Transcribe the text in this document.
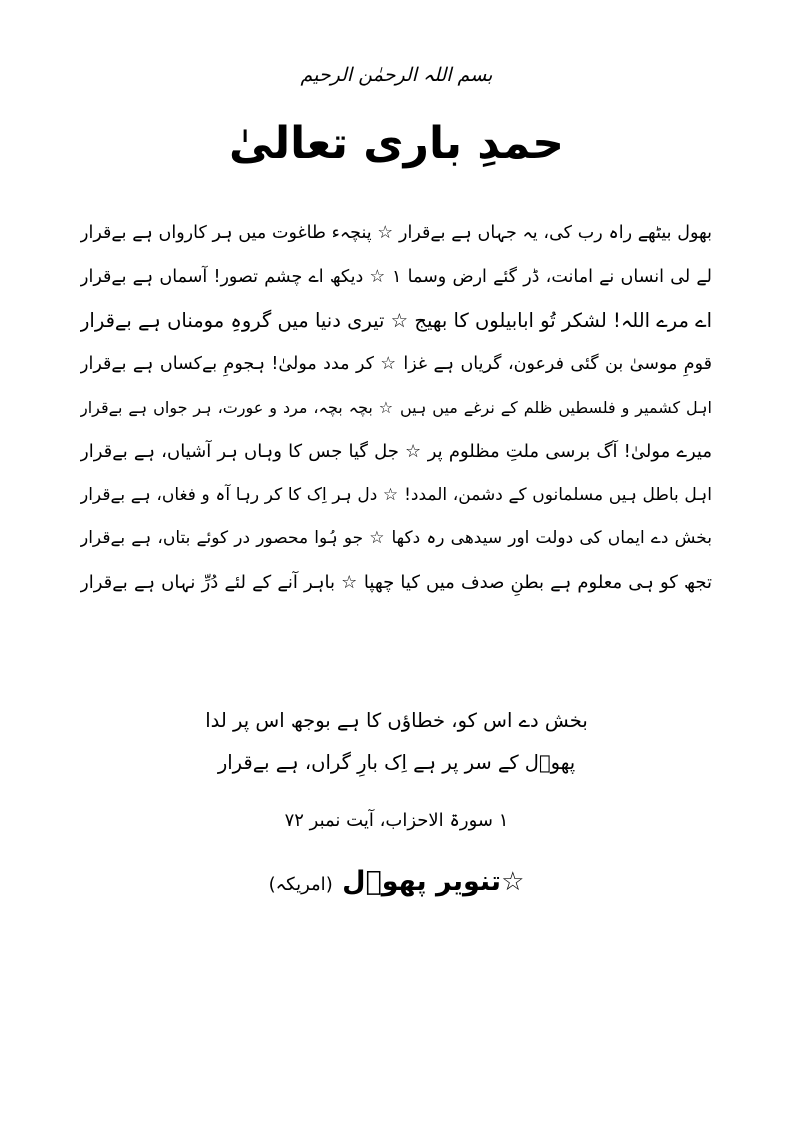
بسم اللہ الرحمٰن الرحیم
حمدِ باری تعالیٰ
بھول بیٹھے راہ رب کی، یہ جہاں ہے بےقرار ☆ پنچہء طاغوت میں ہر کارواں ہے بےقرار
لے لی انساں نے امانت، ڈر گئے ارض وسما ١ ☆ دیکھ اے چشم تصور! آسماں ہے بےقرار
اے مرے اللہ! لشکر تُو ابابیلوں کا بھیج ☆ تیری دنیا میں گروہِ مومناں ہے بےقرار
قومِ موسیٰ بن گئی فرعون، گریاں ہے غزا ☆ کر مدد مولیٰ! ہجومِ بےکساں ہے بےقرار
اہل کشمیر و فلسطیں ظلم کے نرغے میں ہیں ☆ بچہ بچہ، مرد و عورت، ہر جواں ہے بےقرار
میرے مولیٰ! آگ برسی ملتِ مظلوم پر ☆ جل گیا جس کا وہاں ہر آشیاں، ہے بےقرار
اہل باطل ہیں مسلمانوں کے دشمن، المدد! ☆ دل ہر اِک کا کر رہا آہ و فغاں، ہے بےقرار
بخش دے ایماں کی دولت اور سیدھی رہ دکھا ☆ جو ہُوا محصور در کوئے بتاں، ہے بےقرار
تجھ کو ہی معلوم ہے بطنِ صدف میں کیا چھپا ☆ باہر آنے کے لئے دُرِّ نہاں ہے بےقرار
بخش دے اس کو، خطاؤں کا ہے بوجھ اس پر لدا
پھوؔل کے سر پر ہے اِک بارِ گراں، ہے بےقرار
١ سورۃ الاحزاب، آیت نمبر ٧٢
☆تنویر پھوؔل (امریکہ)
